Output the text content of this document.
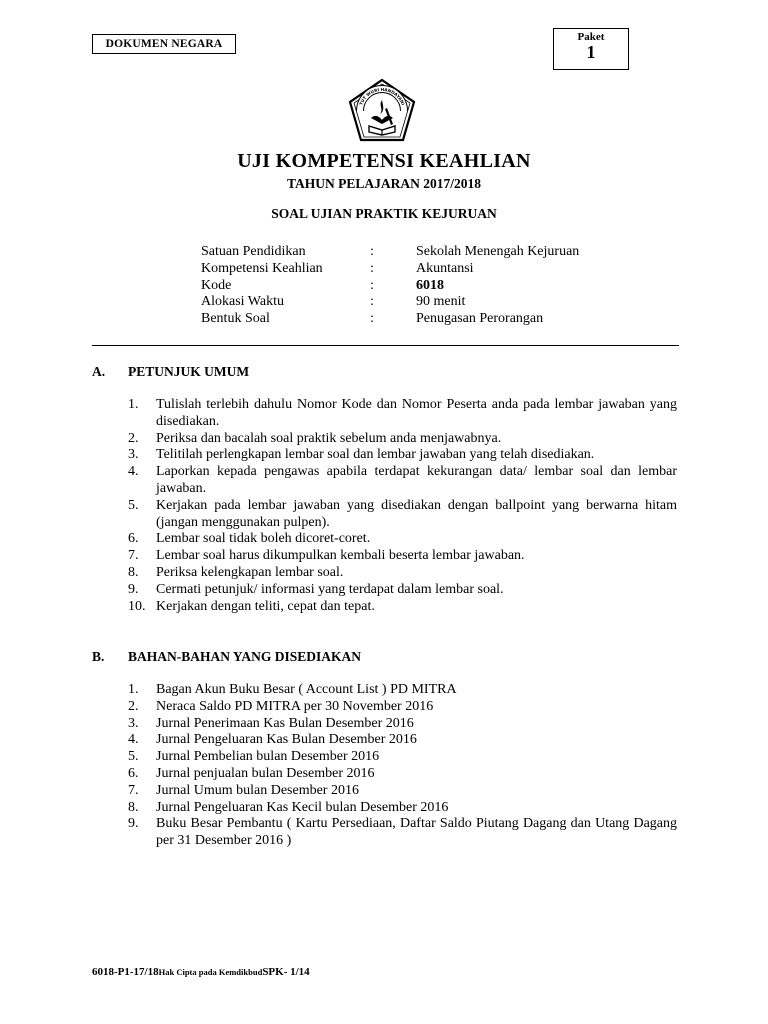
DOKUMEN NEGARA
Paket
1
TUT WURI HANDAYANI
UJI KOMPETENSI KEAHLIAN
TAHUN PELAJARAN 2017/2018
SOAL UJIAN PRAKTIK KEJURUAN
Satuan Pendidikan	:	Sekolah Menengah Kejuruan
Kompetensi Keahlian	:	Akuntansi
Kode	:	6018
Alokasi Waktu	:	90 menit
Bentuk Soal	:	Penugasan Perorangan
A. PETUNJUK UMUM
1. Tulislah terlebih dahulu Nomor Kode dan Nomor Peserta anda pada lembar jawaban yang disediakan.
2. Periksa dan bacalah soal praktik sebelum anda menjawabnya.
3. Telitilah perlengkapan lembar soal dan lembar jawaban yang telah disediakan.
4. Laporkan kepada pengawas apabila terdapat kekurangan data/ lembar soal dan lembar jawaban.
5. Kerjakan pada lembar jawaban yang disediakan dengan ballpoint yang berwarna hitam (jangan menggunakan pulpen).
6. Lembar soal tidak boleh dicoret-coret.
7. Lembar soal harus dikumpulkan kembali beserta lembar jawaban.
8. Periksa kelengkapan lembar soal.
9. Cermati petunjuk/ informasi yang terdapat dalam lembar soal.
10. Kerjakan dengan teliti, cepat dan tepat.
B. BAHAN-BAHAN YANG DISEDIAKAN
1. Bagan Akun Buku Besar ( Account List ) PD MITRA
2. Neraca Saldo PD MITRA per 30 November 2016
3. Jurnal Penerimaan Kas Bulan Desember 2016
4. Jurnal Pengeluaran Kas Bulan Desember 2016
5. Jurnal Pembelian bulan Desember 2016
6. Jurnal penjualan bulan Desember 2016
7. Jurnal Umum bulan Desember 2016
8. Jurnal Pengeluaran Kas Kecil bulan Desember 2016
9. Buku Besar Pembantu ( Kartu Persediaan, Daftar Saldo Piutang Dagang dan Utang Dagang per 31 Desember 2016 )
6018-P1-17/18Hak Cipta pada KemdikbudSPK- 1/14
